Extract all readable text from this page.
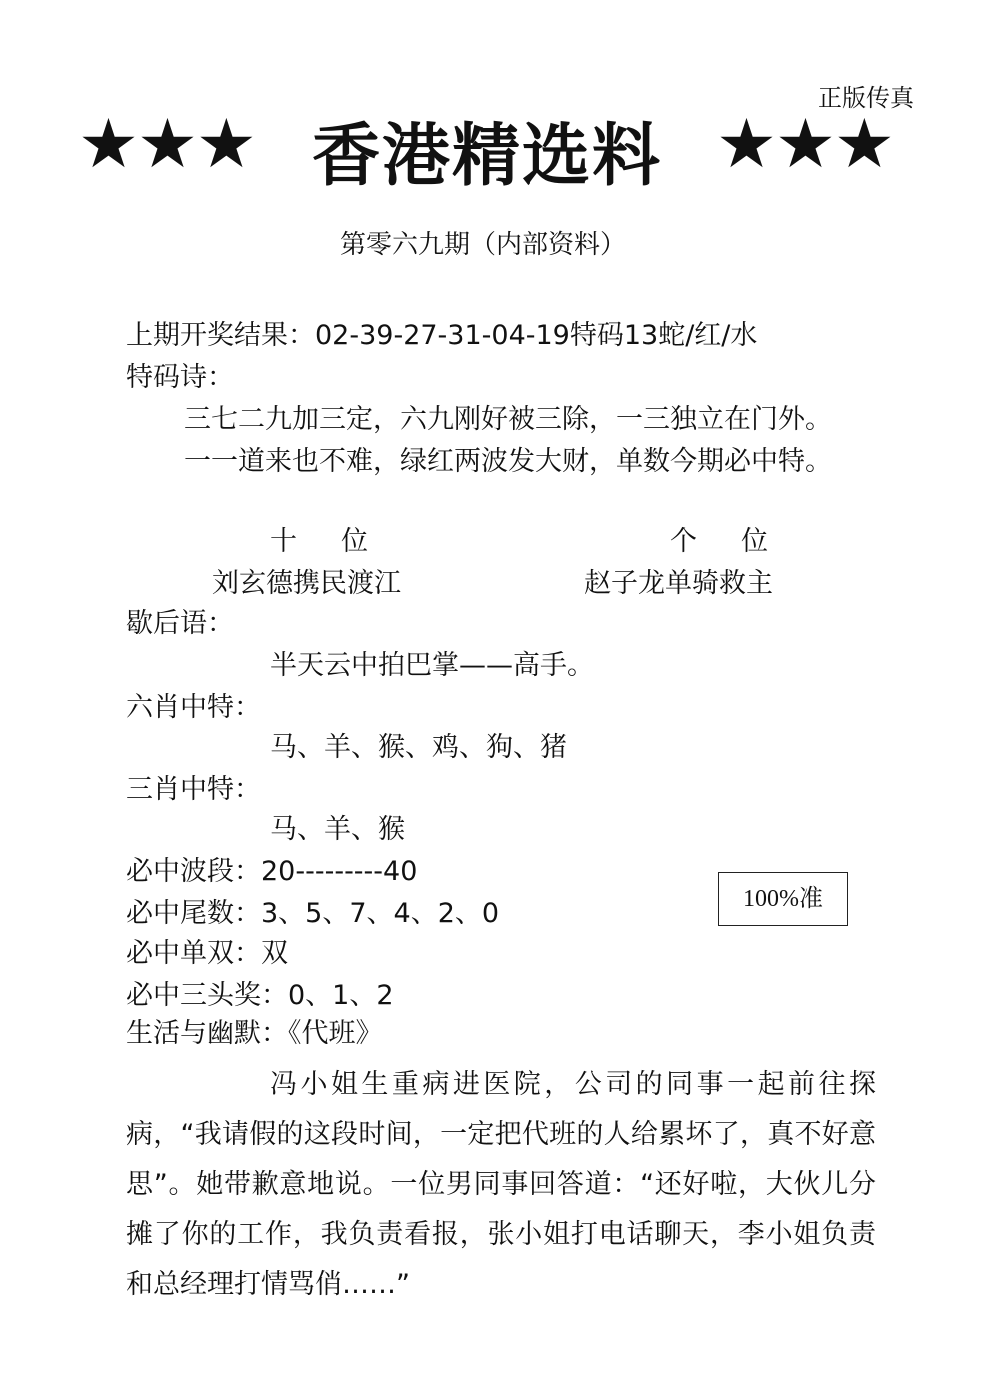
正版传真
★★★ 香港精选料 ★★★
第零六九期（内部资料）
上期开奖结果：02-39-27-31-04-19特码13蛇/红/水
特码诗：
三七二九加三定，六九刚好被三除，一三独立在门外。
一一道来也不难，绿红两波发大财，单数今期必中特。
十 位	个 位
刘玄德携民渡江	赵子龙单骑救主
歇后语：
半天云中拍巴掌——高手。
六肖中特：
马、羊、猴、鸡、狗、猪
三肖中特：
马、羊、猴
必中波段：20---------40
必中尾数：3、5、7、4、2、0
必中单双：双
必中三头奖：0、1、2
100%准
生活与幽默：《代班》
冯小姐生重病进医院，公司的同事一起前往探病，“我请假的这段时间，一定把代班的人给累坏了，真不好意思”。她带歉意地说。一位男同事回答道：“还好啦，大伙儿分摊了你的工作，我负责看报，张小姐打电话聊天，李小姐负责和总经理打情骂俏……”
